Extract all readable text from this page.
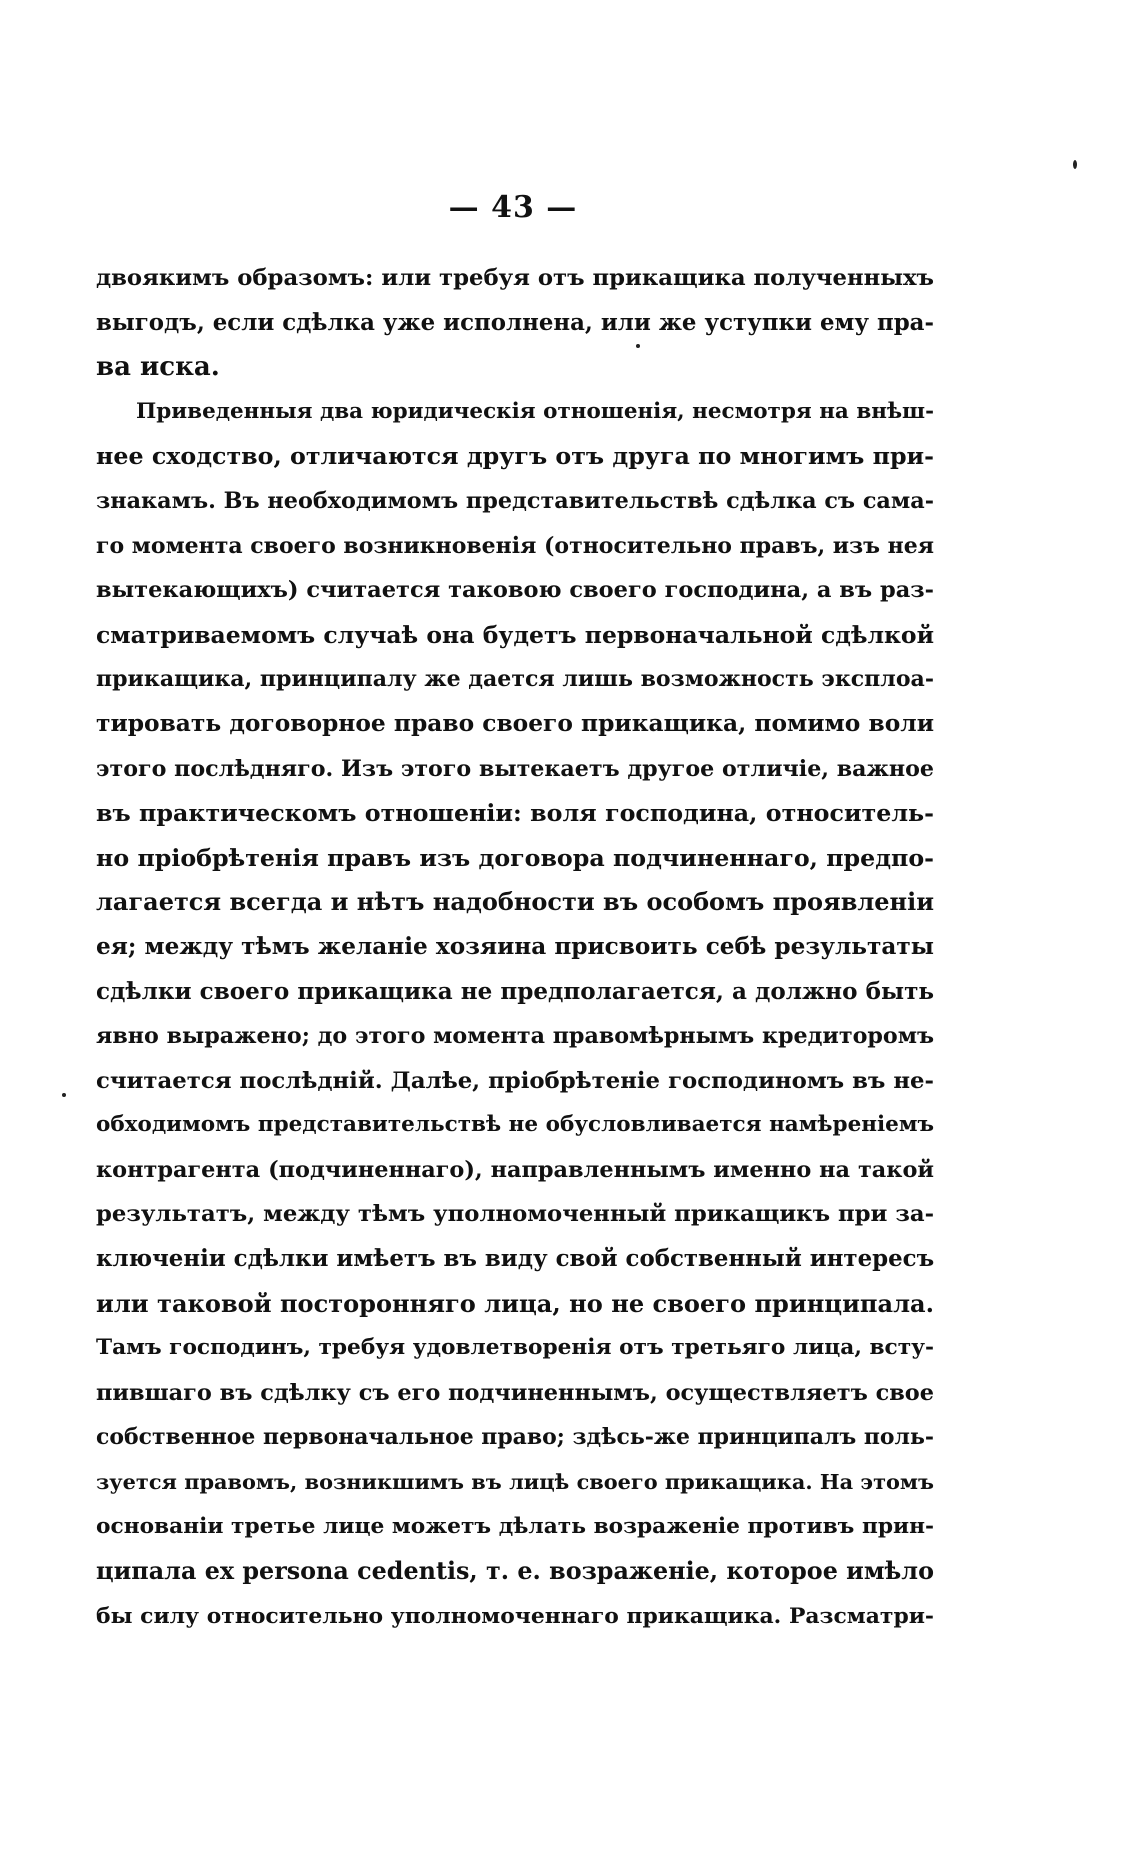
— 43 —
двоякимъ образомъ: или требуя отъ прикащика полученныхъ
выгодъ, если сдѣлка уже исполнена, или же уступки ему пра-
ва иска.
Приведенныя два юридическія отношенія, несмотря на внѣш-
нее сходство, отличаются другъ отъ друга по многимъ при-
знакамъ. Въ необходимомъ представительствѣ сдѣлка съ сама-
го момента своего возникновенія (относительно правъ, изъ нея
вытекающихъ) считается таковою своего господина, а въ раз-
сматриваемомъ случаѣ она будетъ первоначальной сдѣлкой
прикащика, принципалу же дается лишь возможность эксплоа-
тировать договорное право своего прикащика, помимо воли
этого послѣдняго. Изъ этого вытекаетъ другое отличіе, важное
въ практическомъ отношеніи: воля господина, относитель-
но пріобрѣтенія правъ изъ договора подчиненнаго, предпо-
лагается всегда и нѣтъ надобности въ особомъ проявленіи
ея; между тѣмъ желаніе хозяина присвоить себѣ результаты
сдѣлки своего прикащика не предполагается, а должно быть
явно выражено; до этого момента правомѣрнымъ кредиторомъ
считается послѣдній. Далѣе, пріобрѣтеніе господиномъ въ не-
обходимомъ представительствѣ не обусловливается намѣреніемъ
контрагента (подчиненнаго), направленнымъ именно на такой
результатъ, между тѣмъ уполномоченный прикащикъ при за-
ключеніи сдѣлки имѣетъ въ виду свой собственный интересъ
или таковой посторонняго лица, но не своего принципала.
Тамъ господинъ, требуя удовлетворенія отъ третьяго лица, всту-
пившаго въ сдѣлку съ его подчиненнымъ, осуществляетъ свое
собственное первоначальное право; здѣсь-же принципалъ поль-
зуется правомъ, возникшимъ въ лицѣ своего прикащика. На этомъ
основаніи третье лице можетъ дѣлать возраженіе противъ прин-
ципала ex persona cedentis, т. е. возраженіе, которое имѣло
бы силу относительно уполномоченнаго прикащика. Разсматри-
